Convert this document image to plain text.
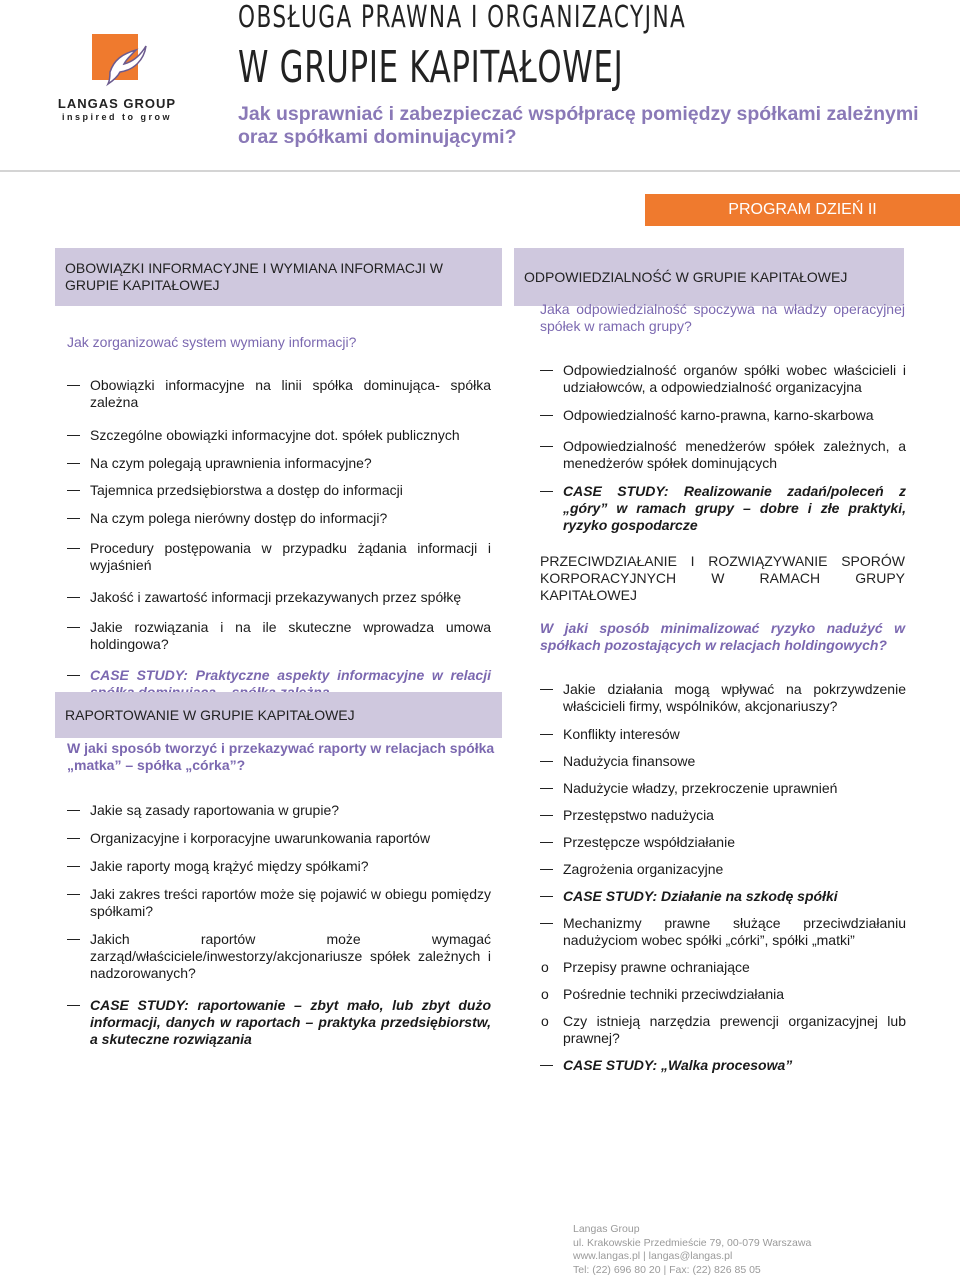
LANGAS GROUP
inspired to grow
OBSŁUGA PRAWNA I ORGANIZACYJNA
W GRUPIE KAPITAŁOWEJ
Jak usprawniać i zabezpieczać współpracę pomiędzy spółkami zależnymi oraz spółkami dominującymi?
PROGRAM DZIEŃ II
OBOWIĄZKI INFORMACYJNE I WYMIANA INFORMACJI W GRUPIE KAPITAŁOWEJ
Jak zorganizować system wymiany informacji?
Obowiązki informacyjne na linii spółka dominująca- spółka zależna
Szczególne obowiązki informacyjne dot. spółek publicznych
Na czym polegają uprawnienia informacyjne?
Tajemnica przedsiębiorstwa a dostęp do informacji
Na czym polega nierówny dostęp do informacji?
Procedury postępowania w przypadku żądania informacji i wyjaśnień
Jakość i zawartość informacji przekazywanych przez spółkę
Jakie rozwiązania i na ile skuteczne wprowadza umowa holdingowa?
CASE STUDY: Praktyczne aspekty informacyjne w relacji
RAPORTOWANIE W GRUPIE KAPITAŁOWEJ
W jaki sposób tworzyć i przekazywać raporty w relacjach spółka „matka” – spółka „córka”?
Jakie są zasady raportowania w grupie?
Organizacyjne i korporacyjne uwarunkowania raportów
Jakie raporty mogą krążyć między spółkami?
Jaki zakres treści raportów może się pojawić w obiegu pomiędzy spółkami?
Jakich raportów może wymagać zarząd/właściciele/inwestorzy/akcjonariusze spółek zależnych i nadzorowanych?
CASE STUDY: raportowanie – zbyt mało, lub zbyt dużo informacji, danych w raportach – praktyka przedsiębiorstw, a skuteczne rozwiązania
ODPOWIEDZIALNOŚĆ W GRUPIE KAPITAŁOWEJ
Jaka odpowiedzialność spoczywa na władzy operacyjnej spółek w ramach grupy?
Odpowiedzialność organów spółki wobec właścicieli i udziałowców, a odpowiedzialność organizacyjna
Odpowiedzialność karno-prawna, karno-skarbowa
Odpowiedzialność menedżerów spółek zależnych, a menedżerów spółek dominujących
CASE STUDY: Realizowanie zadań/poleceń z „góry” w ramach grupy – dobre i złe praktyki, ryzyko gospodarcze
PRZECIWDZIAŁANIE I ROZWIĄZYWANIE SPORÓW KORPORACYJNYCH W RAMACH GRUPY KAPITAŁOWEJ
W jaki sposób minimalizować ryzyko nadużyć w spółkach pozostających w relacjach holdingowych?
Jakie działania mogą wpływać na pokrzywdzenie właścicieli firmy, wspólników, akcjonariuszy?
Konflikty interesów
Nadużycia finansowe
Nadużycie władzy, przekroczenie uprawnień
Przestępstwo nadużycia
Przestępcze współdziałanie
Zagrożenia organizacyjne
CASE STUDY: Działanie na szkodę spółki
Mechanizmy prawne służące przeciwdziałaniu nadużyciom wobec spółki „córki”, spółki „matki”
o Przepisy prawne ochraniające
o Pośrednie techniki przeciwdziałania
o Czy istnieją narzędzia prewencji organizacyjnej lub prawnej?
CASE STUDY: „Walka procesowa”
Langas Group
ul. Krakowskie Przedmieście 79, 00-079 Warszawa
www.langas.pl | langas@langas.pl
Tel: (22) 696 80 20 | Fax: (22) 826 85 05
